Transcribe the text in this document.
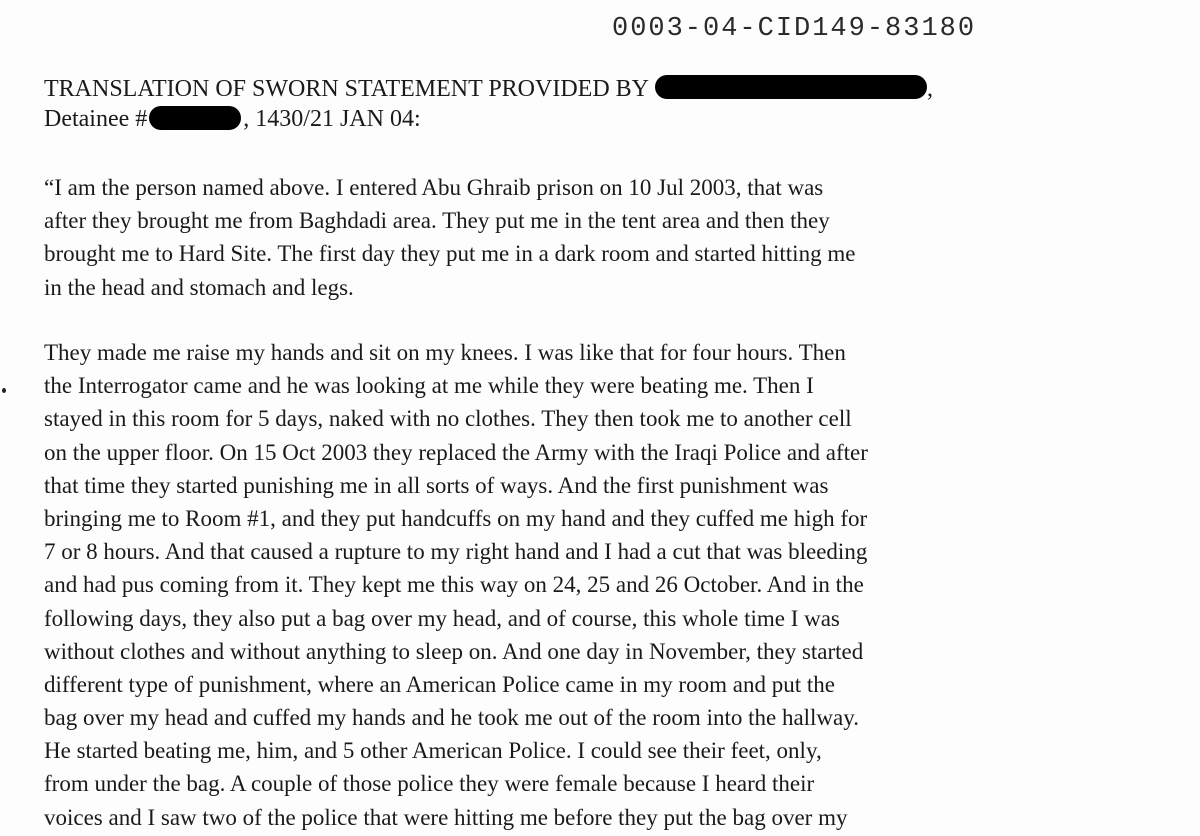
0003-04-CID149-83180
TRANSLATION OF SWORN STATEMENT PROVIDED BY	,
Detainee #	, 1430/21 JAN 04:
“I am the person named above. I entered Abu Ghraib prison on 10 Jul 2003, that was
after they brought me from Baghdadi area. They put me in the tent area and then they
brought me to Hard Site. The first day they put me in a dark room and started hitting me
in the head and stomach and legs.
They made me raise my hands and sit on my knees. I was like that for four hours. Then
the Interrogator came and he was looking at me while they were beating me. Then I
stayed in this room for 5 days, naked with no clothes. They then took me to another cell
on the upper floor. On 15 Oct 2003 they replaced the Army with the Iraqi Police and after
that time they started punishing me in all sorts of ways. And the first punishment was
bringing me to Room #1, and they put handcuffs on my hand and they cuffed me high for
7 or 8 hours. And that caused a rupture to my right hand and I had a cut that was bleeding
and had pus coming from it. They kept me this way on 24, 25 and 26 October. And in the
following days, they also put a bag over my head, and of course, this whole time I was
without clothes and without anything to sleep on. And one day in November, they started
different type of punishment, where an American Police came in my room and put the
bag over my head and cuffed my hands and he took me out of the room into the hallway.
He started beating me, him, and 5 other American Police. I could see their feet, only,
from under the bag. A couple of those police they were female because I heard their
voices and I saw two of the police that were hitting me before they put the bag over my
